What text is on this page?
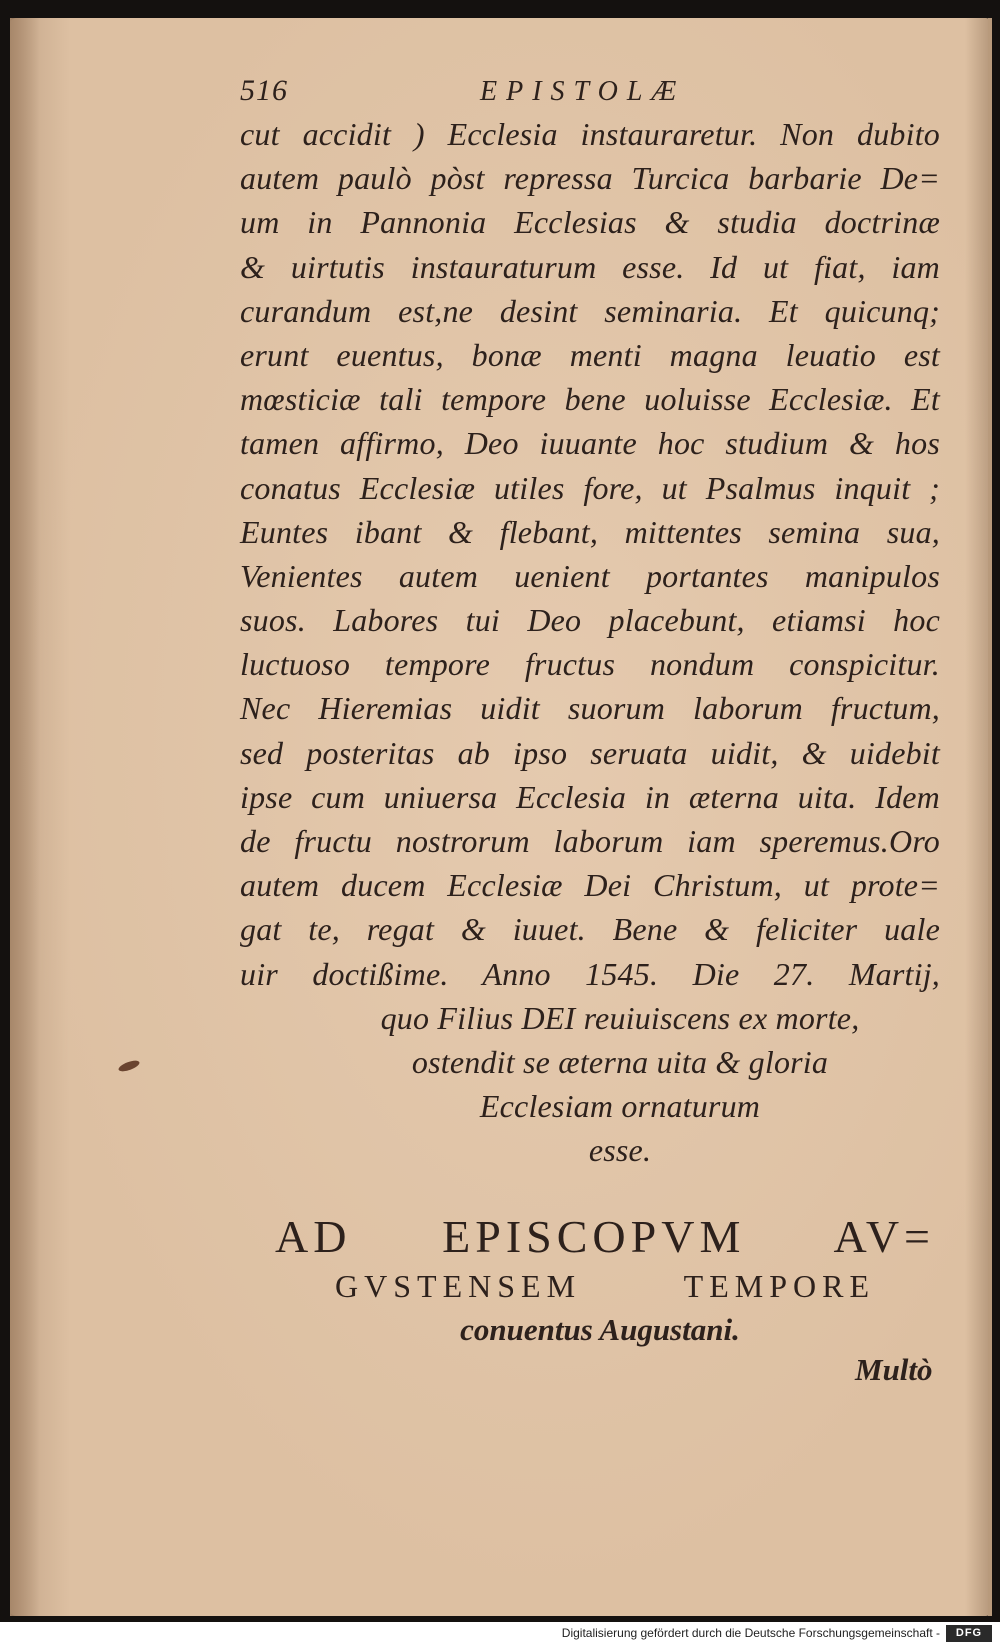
516	EPISTOLÆ
cut accidit ) Ecclesia instauraretur. Non dubito
autem paulò pòst repressa Turcica barbarie De=
um in Pannonia Ecclesias & studia doctrinæ
& uirtutis instauraturum esse. Id ut fiat, iam
curandum est,ne desint seminaria. Et quicunq;
erunt euentus, bonæ menti magna leuatio est
mœsticiæ tali tempore bene uoluisse Ecclesiæ. Et
tamen affirmo, Deo iuuante hoc studium & hos
conatus Ecclesiæ utiles fore, ut Psalmus inquit ;
Euntes ibant & flebant, mittentes semina sua,
Venientes autem uenient portantes manipulos
suos. Labores tui Deo placebunt, etiamsi hoc
luctuoso tempore fructus nondum conspicitur.
Nec Hieremias uidit suorum laborum fructum,
sed posteritas ab ipso seruata uidit, & uidebit
ipse cum uniuersa Ecclesia in æterna uita. Idem
de fructu nostrorum laborum iam speremus.Oro
autem ducem Ecclesiæ Dei Christum, ut prote=
gat te, regat & iuuet. Bene & feliciter uale
uir doctißime. Anno 1545. Die 27. Martij,
quo Filius DEI reuiuiscens ex morte,
ostendit se æterna uita & gloria
Ecclesiam ornaturum
esse.
AD EPISCOPVM AV=
GVSTENSEM TEMPORE
conuentus Augustani.
Multò
Digitalisierung gefördert durch die Deutsche Forschungsgemeinschaft -	DFG
